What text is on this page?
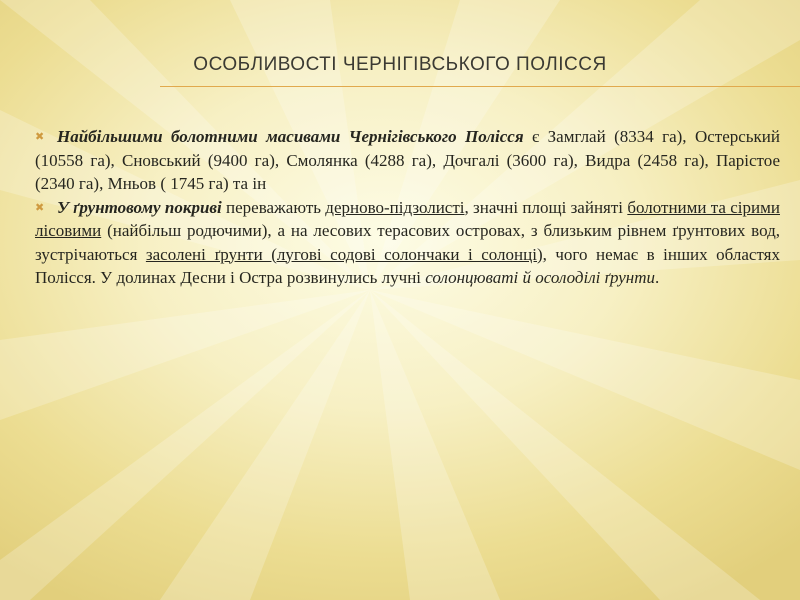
ОСОБЛИВОСТІ ЧЕРНІГІВСЬКОГО ПОЛІССЯ

✖ Найбільшими болотними масивами Чернігівського Полісся є Замглай (8334 га), Остерський (10558 га), Сновський (9400 га), Смолянка (4288 га), Дочгалі (3600 га), Видра (2458 га), Парістое (2340 га), Мньов ( 1745 га) та ін

✖ У ґрунтовому покриві переважають дерново-підзолисті, значні площі зайняті болотними та сірими лісовими (найбільш родючими), а на лесових терасових островах, з близьким рівнем ґрунтових вод, зустрічаються засолені ґрунти (лугові содові солончаки і солонці), чого немає в інших областях Полісся. У долинах Десни і Остра розвинулись лучні солонцюваті й осолоділі ґрунти.
